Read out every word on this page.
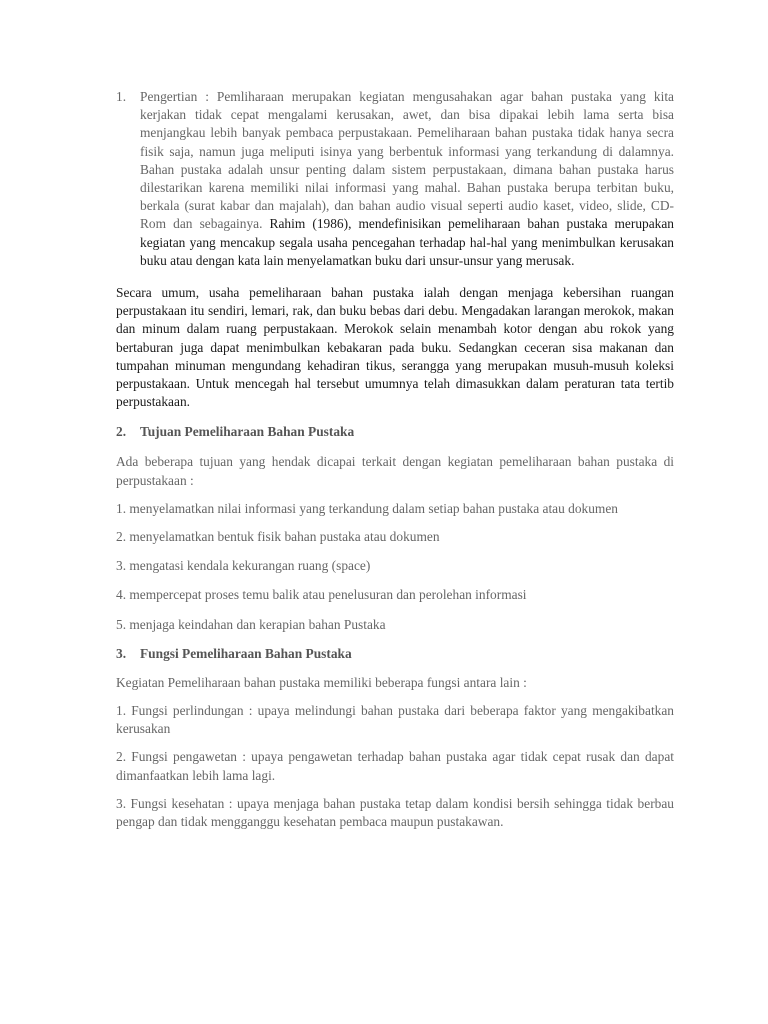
1. Pengertian : Pemliharaan merupakan kegiatan mengusahakan agar bahan pustaka yang kita kerjakan tidak cepat mengalami kerusakan, awet, dan bisa dipakai lebih lama serta bisa menjangkau lebih banyak pembaca perpustakaan. Pemeliharaan bahan pustaka tidak hanya secra fisik saja, namun juga meliputi isinya yang berbentuk informasi yang terkandung di dalamnya. Bahan pustaka adalah unsur penting dalam sistem perpustakaan, dimana bahan pustaka harus dilestarikan karena memiliki nilai informasi yang mahal. Bahan pustaka berupa terbitan buku, berkala (surat kabar dan majalah), dan bahan audio visual seperti audio kaset, video, slide, CD-Rom dan sebagainya. Rahim (1986), mendefinisikan pemeliharaan bahan pustaka merupakan kegiatan yang mencakup segala usaha pencegahan terhadap hal-hal yang menimbulkan kerusakan buku atau dengan kata lain menyelamatkan buku dari unsur-unsur yang merusak.

Secara umum, usaha pemeliharaan bahan pustaka ialah dengan menjaga kebersihan ruangan perpustakaan itu sendiri, lemari, rak, dan buku bebas dari debu. Mengadakan larangan merokok, makan dan minum dalam ruang perpustakaan. Merokok selain menambah kotor dengan abu rokok yang bertaburan juga dapat menimbulkan kebakaran pada buku. Sedangkan ceceran sisa makanan dan tumpahan minuman mengundang kehadiran tikus, serangga yang merupakan musuh-musuh koleksi perpustakaan. Untuk mencegah hal tersebut umumnya telah dimasukkan dalam peraturan tata tertib perpustakaan.

2. Tujuan Pemeliharaan Bahan Pustaka

Ada beberapa tujuan yang hendak dicapai terkait dengan kegiatan pemeliharaan bahan pustaka di perpustakaan :

1. menyelamatkan nilai informasi yang terkandung dalam setiap bahan pustaka atau dokumen

2. menyelamatkan bentuk fisik bahan pustaka atau dokumen

3. mengatasi kendala kekurangan ruang (space)

4. mempercepat proses temu balik atau penelusuran dan perolehan informasi

5. menjaga keindahan dan kerapian bahan Pustaka

3. Fungsi Pemeliharaan Bahan Pustaka

Kegiatan Pemeliharaan bahan pustaka memiliki beberapa fungsi antara lain :

1. Fungsi perlindungan : upaya melindungi bahan pustaka dari beberapa faktor yang mengakibatkan kerusakan

2. Fungsi pengawetan : upaya pengawetan terhadap bahan pustaka agar tidak cepat rusak dan dapat dimanfaatkan lebih lama lagi.

3. Fungsi kesehatan : upaya menjaga bahan pustaka tetap dalam kondisi bersih sehingga tidak berbau pengap dan tidak mengganggu kesehatan pembaca maupun pustakawan.
